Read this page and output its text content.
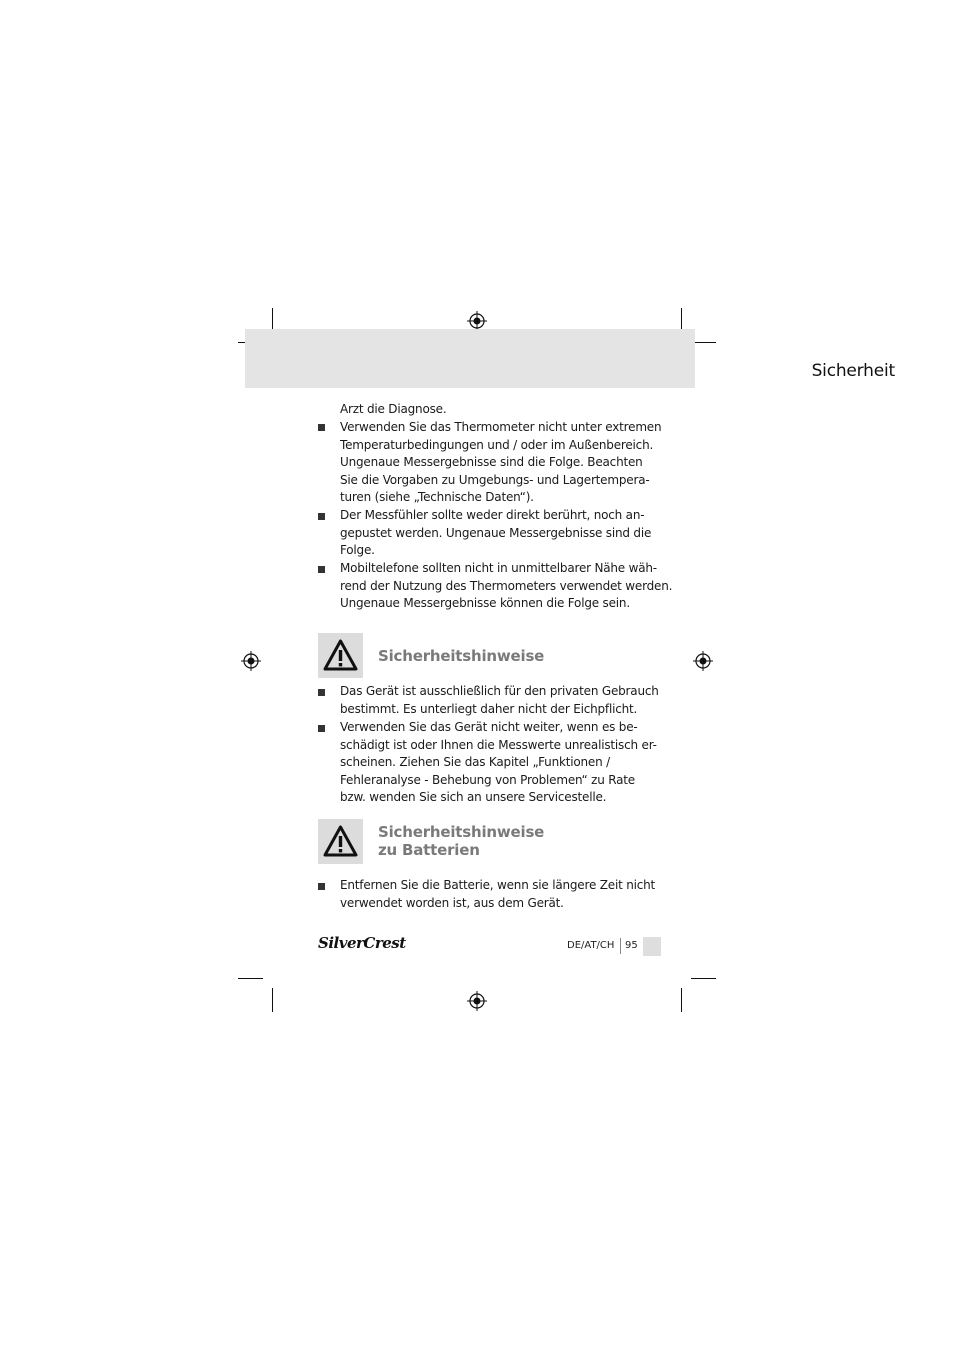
Sicherheit
Arzt die Diagnose.
Verwenden Sie das Thermometer nicht unter extremen
Temperaturbedingungen und / oder im Außenbereich.
Ungenaue Messergebnisse sind die Folge. Beachten
Sie die Vorgaben zu Umgebungs- und Lagertempera-
turen (siehe „Technische Daten“).
Der Messfühler sollte weder direkt berührt, noch an-
gepustet werden. Ungenaue Messergebnisse sind die
Folge.
Mobiltelefone sollten nicht in unmittelbarer Nähe wäh-
rend der Nutzung des Thermometers verwendet werden.
Ungenaue Messergebnisse können die Folge sein.
Sicherheitshinweise
Das Gerät ist ausschließlich für den privaten Gebrauch
bestimmt. Es unterliegt daher nicht der Eichpflicht.
Verwenden Sie das Gerät nicht weiter, wenn es be-
schädigt ist oder Ihnen die Messwerte unrealistisch er-
scheinen. Ziehen Sie das Kapitel „Funktionen /
Fehleranalyse - Behebung von Problemen“ zu Rate
bzw. wenden Sie sich an unsere Servicestelle.
Sicherheitshinweise
zu Batterien
Entfernen Sie die Batterie, wenn sie längere Zeit nicht
verwendet worden ist, aus dem Gerät.
SilverCrest	DE/AT/CH 95
